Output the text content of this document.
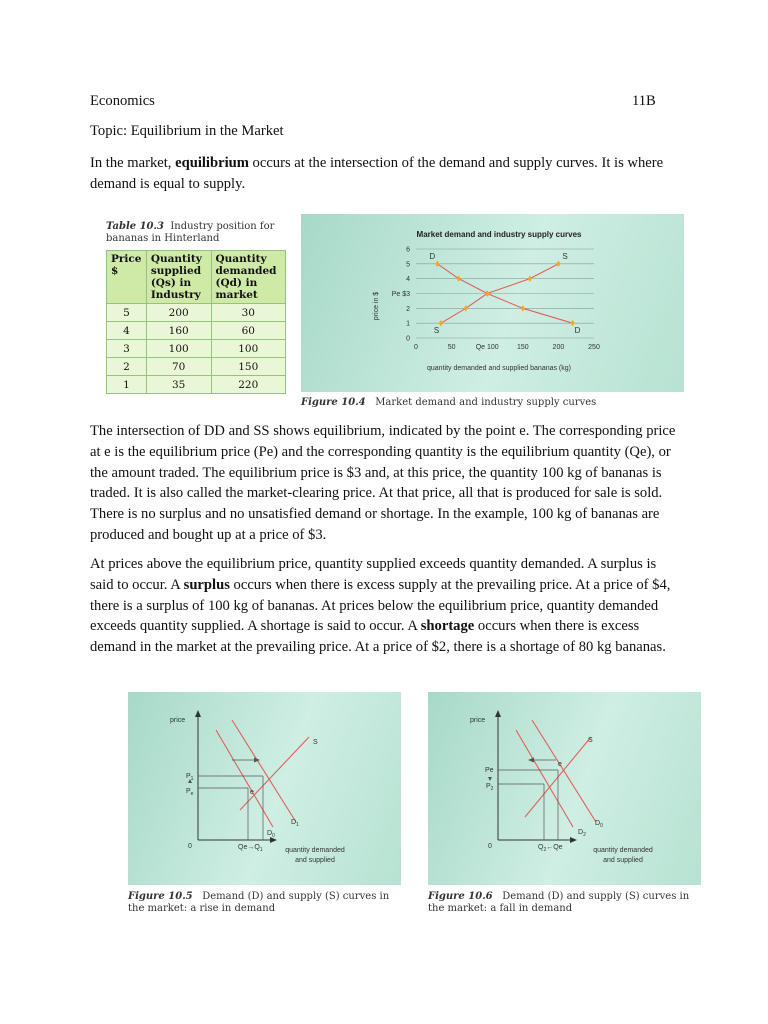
Economics	11B
Topic: Equilibrium in the Market
In the market, equilibrium occurs at the intersection of the demand and supply curves. It is where demand is equal to supply.
Table 10.3 Industry position for bananas in Hinterland
Price $	Quantity supplied (Qs) in Industry	Quantity demanded (Qd) in market
5	200	30
4	160	60
3	100	100
2	70	150
1	35	220
Market demand and industry supply curves
0
1
2
Pe $3
4
5
6
0	50	Qe 100	150	200	250
price in $
quantity demanded and supplied bananas (kg)
D	S
S	D
Figure 10.4 Market demand and industry supply curves
The intersection of DD and SS shows equilibrium, indicated by the point e. The corresponding price at e is the equilibrium price (Pe) and the corresponding quantity is the equilibrium quantity (Qe), or the amount traded. The equilibrium price is $3 and, at this price, the quantity 100 kg of bananas is traded. It is also called the market-clearing price. At that price, all that is produced for sale is sold. There is no surplus and no unsatisfied demand or shortage. In the example, 100 kg of bananas are produced and bought up at a price of $3.
At prices above the equilibrium price, quantity supplied exceeds quantity demanded. A surplus is said to occur. A surplus occurs when there is excess supply at the prevailing price. At a price of $4, there is a surplus of 100 kg of bananas. At prices below the equilibrium price, quantity demanded exceeds quantity supplied. A shortage is said to occur. A shortage occurs when there is excess demand in the market at the prevailing price. At a price of $2, there is a shortage of 80 kg bananas.
price
0
S
$D_1$
$D_0$
e
$P_1$
$P_e$
$Qe\to Q_1$	quantity demanded
and supplied
Figure 10.5 Demand (D) and supply (S) curves in the market: a rise in demand
price
0
S
$D_0$
$D_2$
e
Pe
$P_2$
$Q_2\leftarrow Qe$	quantity demanded
and supplied
Figure 10.6 Demand (D) and supply (S) curves in the market: a fall in demand
